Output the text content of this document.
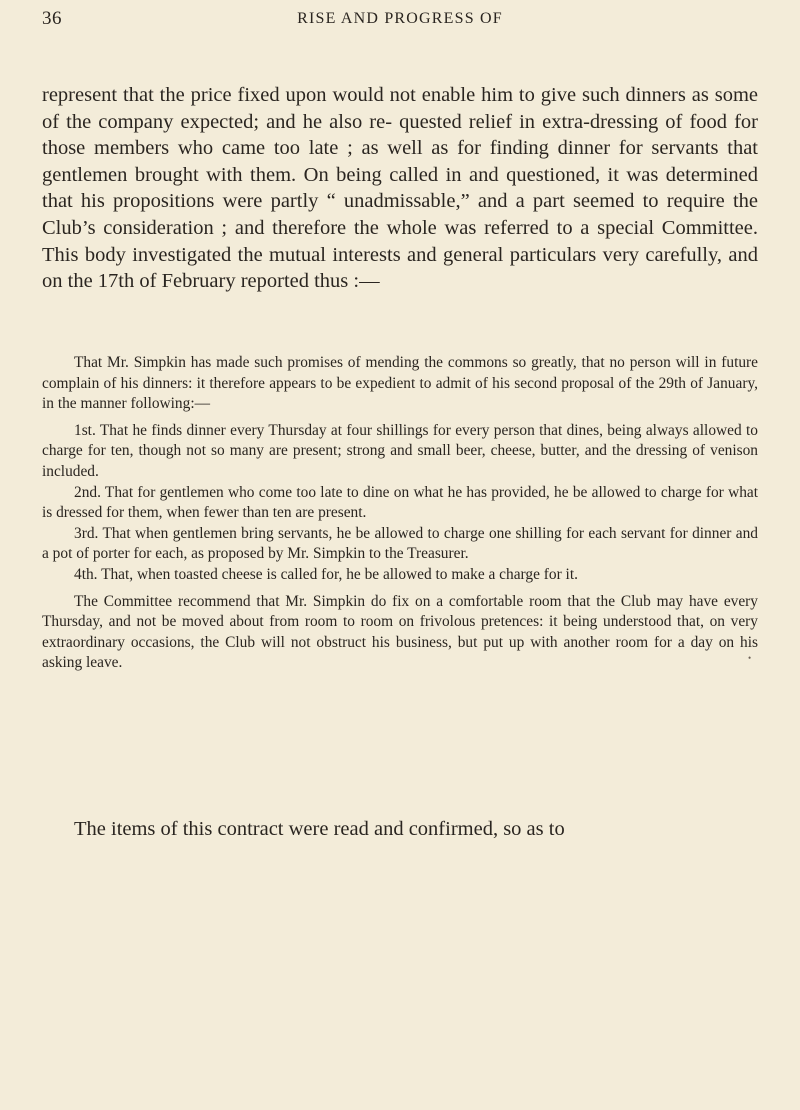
36	RISE AND PROGRESS OF

represent that the price fixed upon would not enable him to give such dinners as some of the company expected; and he also re- quested relief in extra-dressing of food for those members who came too late ; as well as for finding dinner for servants that gentlemen brought with them. On being called in and questioned, it was determined that his propositions were partly “ unadmissable,” and a part seemed to require the Club’s consideration ; and therefore the whole was referred to a special Committee. This body investigated the mutual interests and general particulars very carefully, and on the 17th of February reported thus :—

That Mr. Simpkin has made such promises of mending the commons so greatly, that no person will in future complain of his dinners: it therefore appears to be expedient to admit of his second proposal of the 29th of January, in the manner following:—

1st. That he finds dinner every Thursday at four shillings for every person that dines, being always allowed to charge for ten, though not so many are present; strong and small beer, cheese, butter, and the dressing of venison included.

2nd. That for gentlemen who come too late to dine on what he has provided, he be allowed to charge for what is dressed for them, when fewer than ten are present.

3rd. That when gentlemen bring servants, he be allowed to charge one shilling for each servant for dinner and a pot of porter for each, as proposed by Mr. Simpkin to the Treasurer.

4th. That, when toasted cheese is called for, he be allowed to make a charge for it.

The Committee recommend that Mr. Simpkin do fix on a comfortable room that the Club may have every Thursday, and not be moved about from room to room on frivolous pretences: it being understood that, on very extraordinary occasions, the Club will not obstruct his business, but put up with another room for a day on his asking leave.

The items of this contract were read and confirmed, so as to

•
